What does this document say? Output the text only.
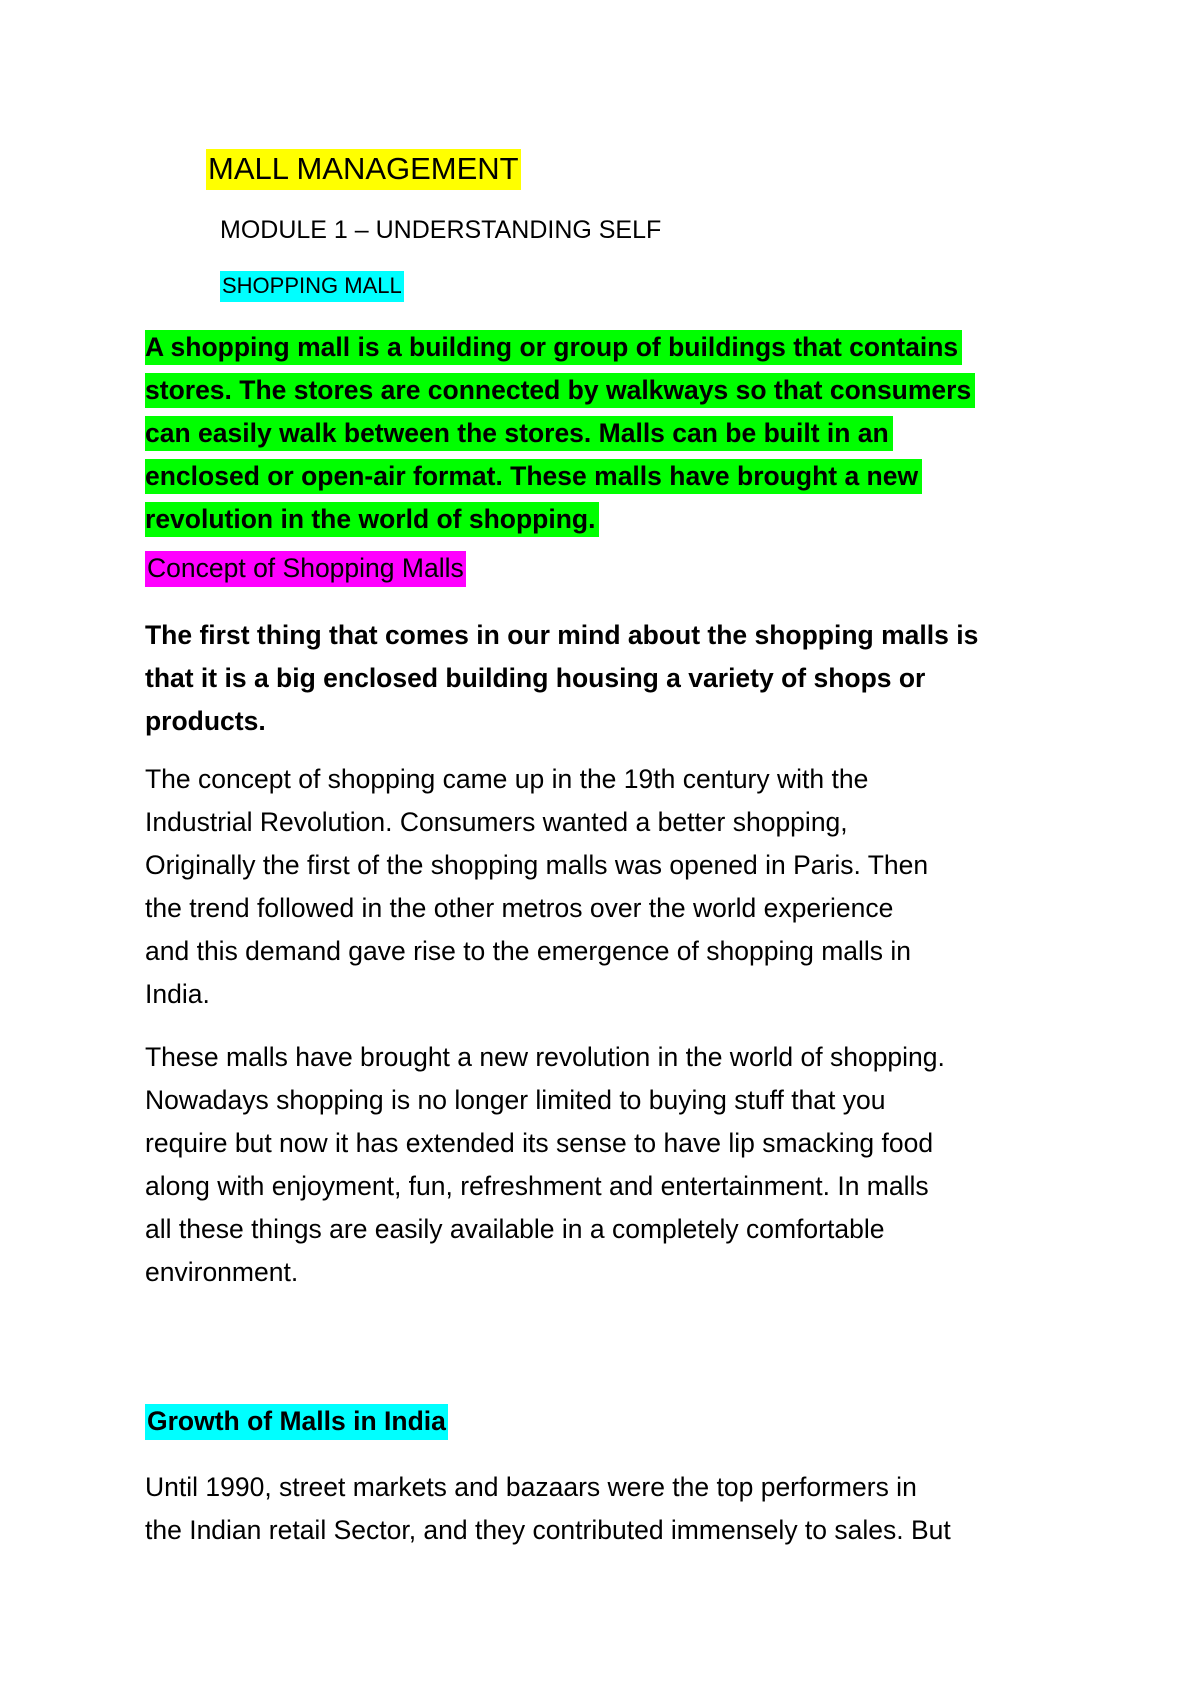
MALL MANAGEMENT
MODULE 1 – UNDERSTANDING SELF
SHOPPING MALL
A shopping mall is a building or group of buildings that contains
stores. The stores are connected by walkways so that consumers
can easily walk between the stores. Malls can be built in an
enclosed or open-air format. These malls have brought a new
revolution in the world of shopping.
Concept of Shopping Malls
The first thing that comes in our mind about the shopping malls is
that it is a big enclosed building housing a variety of shops or
products.
The concept of shopping came up in the 19th century with the
Industrial Revolution. Consumers wanted a better shopping,
Originally the first of the shopping malls was opened in Paris. Then
the trend followed in the other metros over the world experience
and this demand gave rise to the emergence of shopping malls in
India.
These malls have brought a new revolution in the world of shopping.
Nowadays shopping is no longer limited to buying stuff that you
require but now it has extended its sense to have lip smacking food
along with enjoyment, fun, refreshment and entertainment. In malls
all these things are easily available in a completely comfortable
environment.
Growth of Malls in India
Until 1990, street markets and bazaars were the top performers in
the Indian retail Sector, and they contributed immensely to sales. But
